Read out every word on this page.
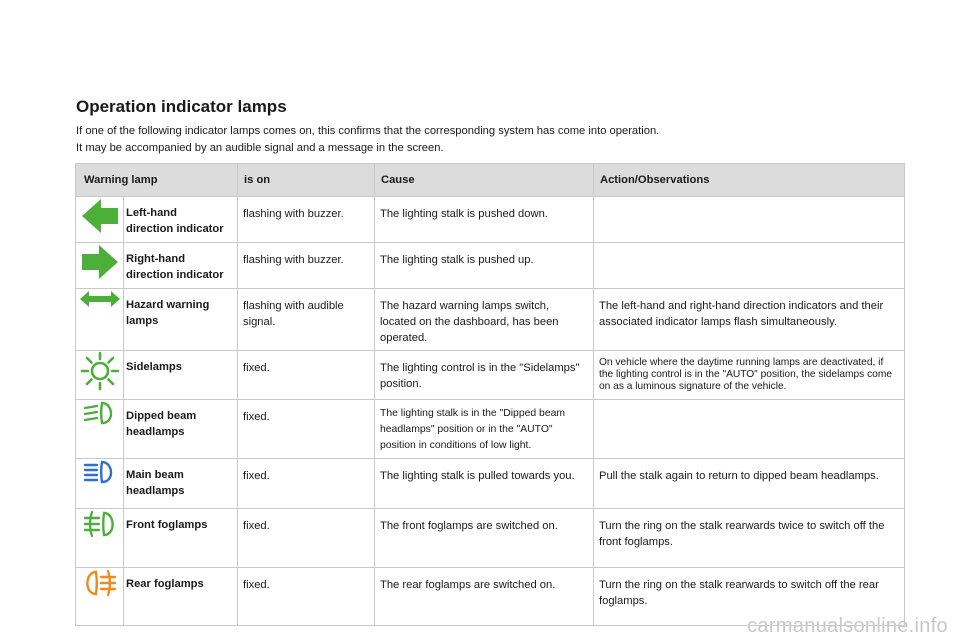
Operation indicator lamps

If one of the following indicator lamps comes on, this confirms that the corresponding system has come into operation.

It may be accompanied by an audible signal and a message in the screen.

Warning lamp		is on	Cause	Action/Observations

	Left-hand
direction indicator	flashing with buzzer.	The lighting stalk is pushed down.	

	Right-hand
direction indicator	flashing with buzzer.	The lighting stalk is pushed up.	

	Hazard warning
lamps	flashing with audible signal.	The hazard warning lamps switch, located on the dashboard, has been operated.	The left-hand and right-hand direction indicators and their associated indicator lamps flash simultaneously.

	Sidelamps	fixed.	The lighting control is in the "Sidelamps" position.	On vehicle where the daytime running lamps are deactivated, if the lighting control is in the "AUTO" position, the sidelamps come on as a luminous signature of the vehicle.

	Dipped beam
headlamps	fixed.	The lighting stalk is in the "Dipped beam headlamps" position or in the "AUTO" position in conditions of low light.	

	Main beam
headlamps	fixed.	The lighting stalk is pulled towards you.	Pull the stalk again to return to dipped beam headlamps.

	Front foglamps	fixed.	The front foglamps are switched on.	Turn the ring on the stalk rearwards twice to switch off the front foglamps.

	Rear foglamps	fixed.	The rear foglamps are switched on.	Turn the ring on the stalk rearwards to switch off the rear foglamps.
carmanualsonline.info
